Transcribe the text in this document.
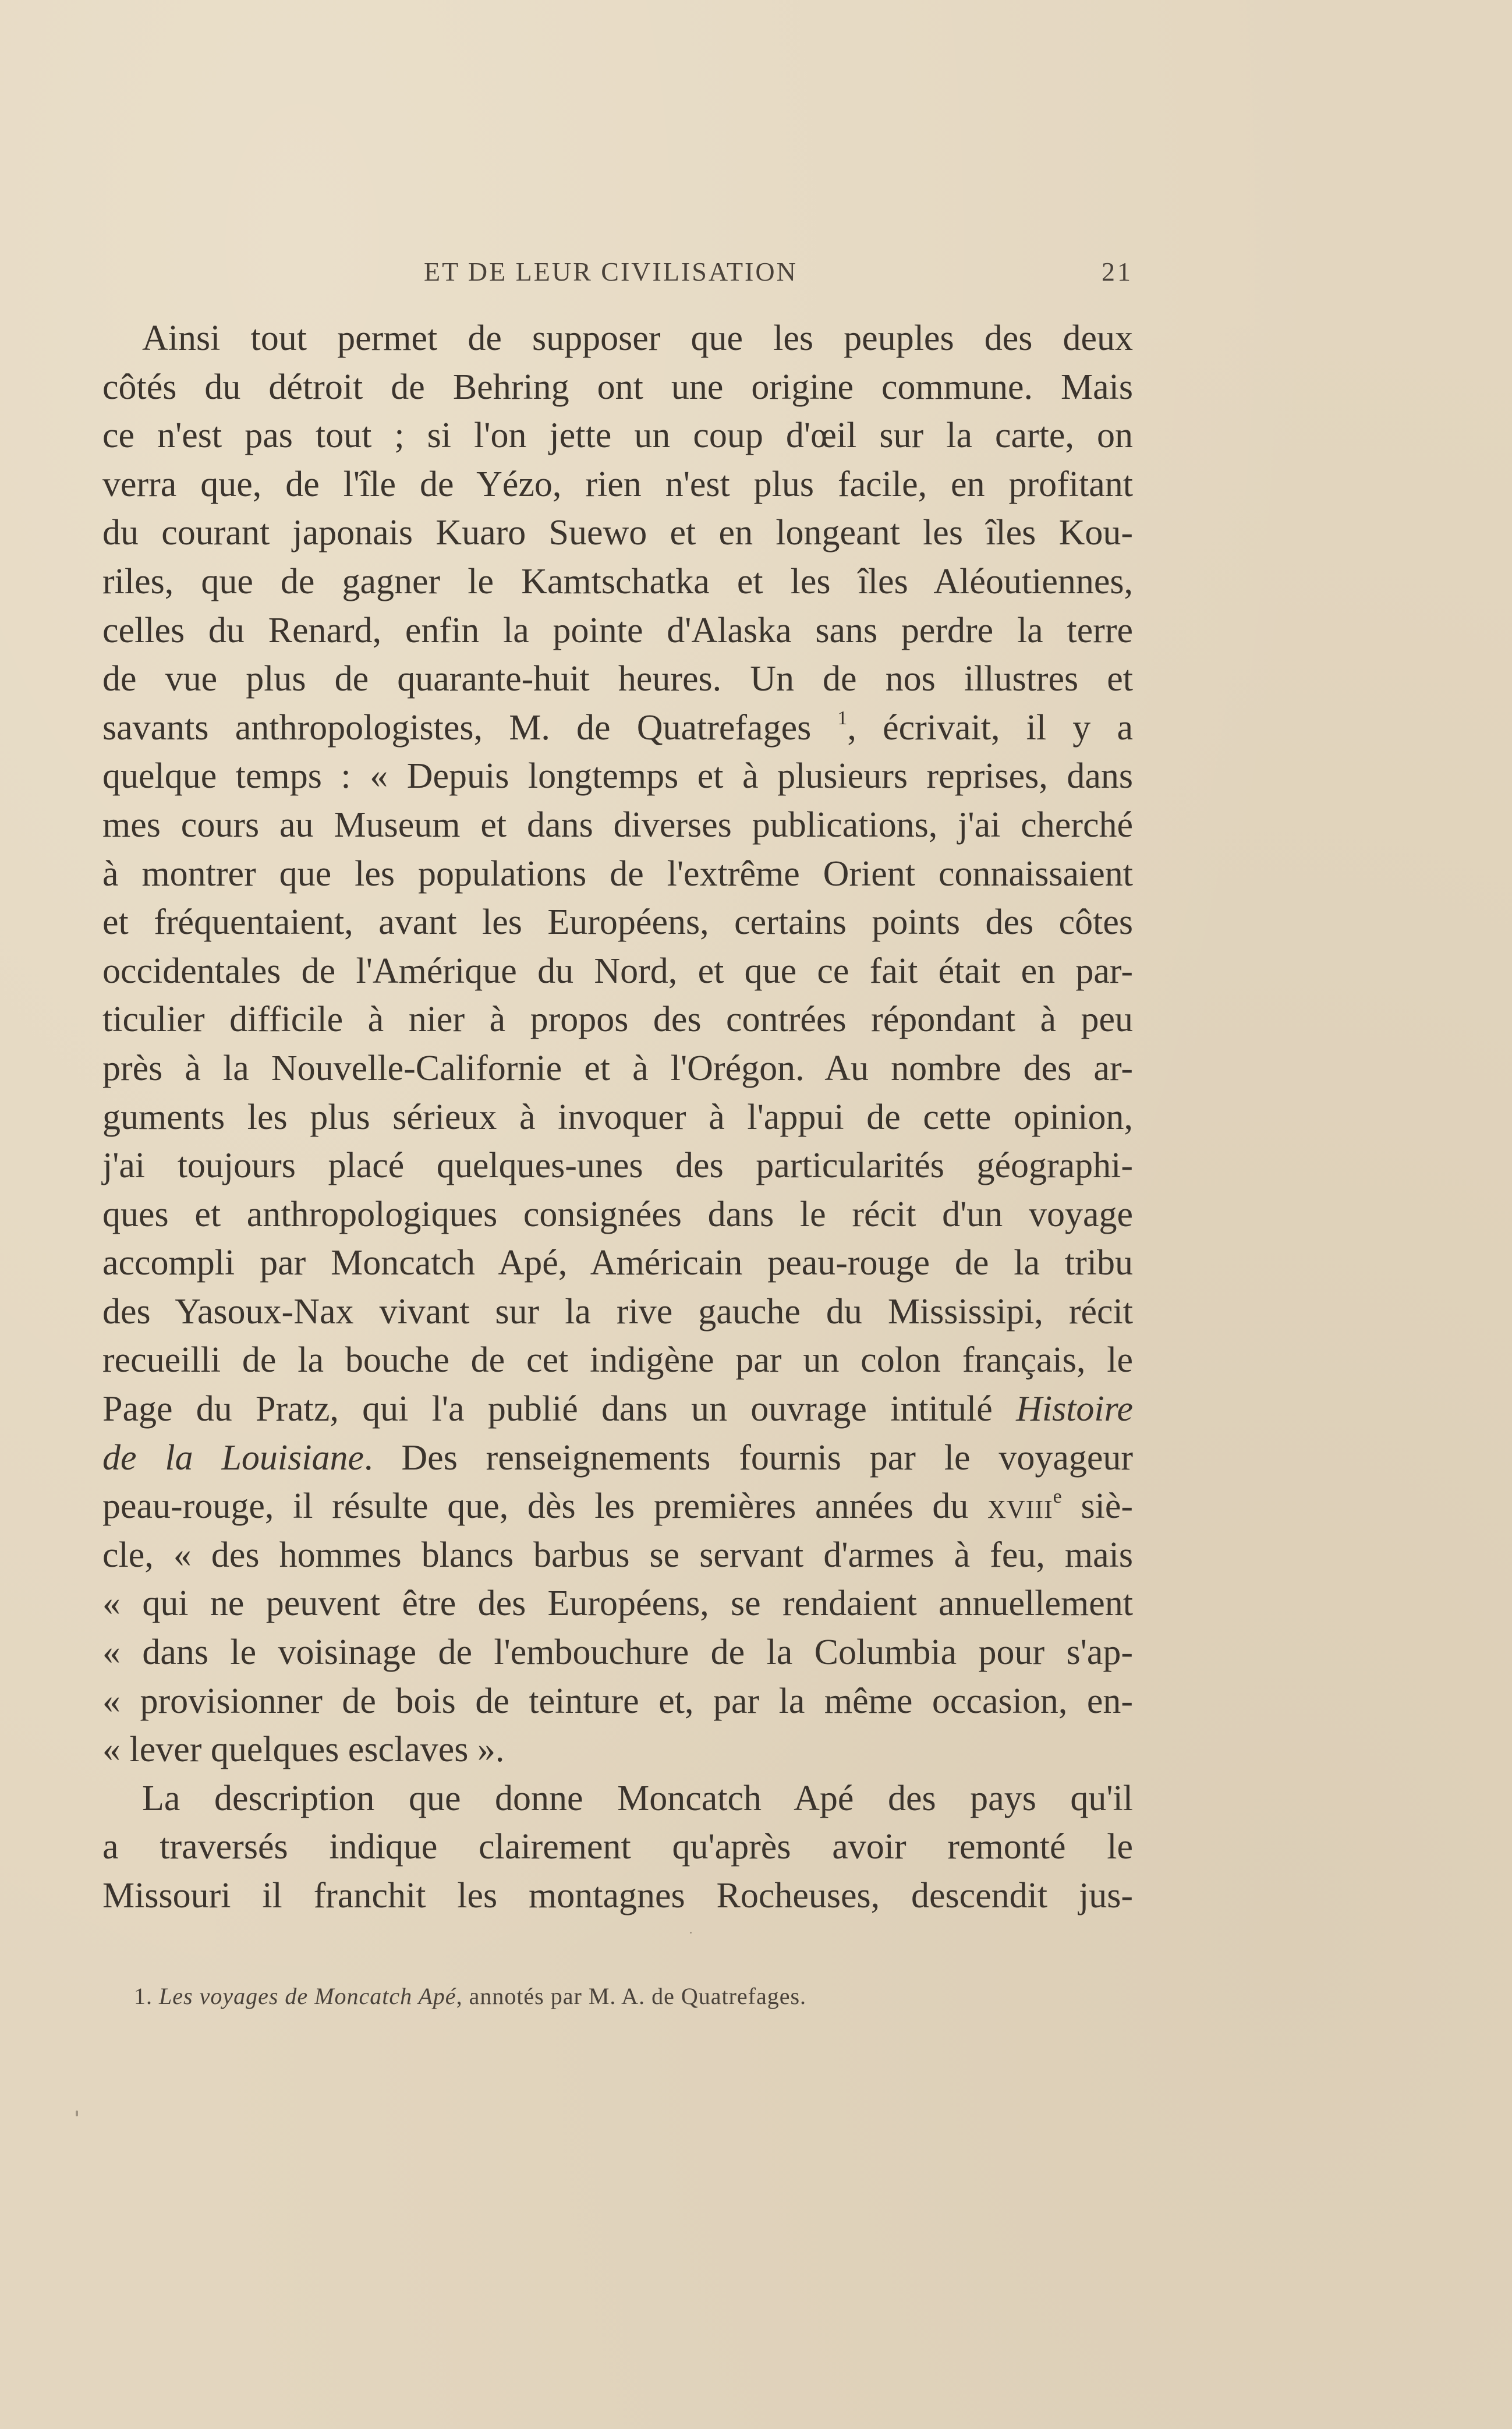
ET DE LEUR CIVILISATION	21
Ainsi tout permet de supposer que les peuples des deux
côtés du détroit de Behring ont une origine commune. Mais
ce n'est pas tout ; si l'on jette un coup d'œil sur la carte, on
verra que, de l'île de Yézo, rien n'est plus facile, en profitant
du courant japonais Kuaro Suewo et en longeant les îles Kou-
riles, que de gagner le Kamtschatka et les îles Aléoutiennes,
celles du Renard, enfin la pointe d'Alaska sans perdre la terre
de vue plus de quarante-huit heures. Un de nos illustres et
savants anthropologistes, M. de Quatrefages $^1$, écrivait, il y a
quelque temps : « Depuis longtemps et à plusieurs reprises, dans
mes cours au Museum et dans diverses publications, j'ai cherché
à montrer que les populations de l'extrême Orient connaissaient
et fréquentaient, avant les Européens, certains points des côtes
occidentales de l'Amérique du Nord, et que ce fait était en par-
ticulier difficile à nier à propos des contrées répondant à peu
près à la Nouvelle-Californie et à l'Orégon. Au nombre des ar-
guments les plus sérieux à invoquer à l'appui de cette opinion,
j'ai toujours placé quelques-unes des particularités géographi-
ques et anthropologiques consignées dans le récit d'un voyage
accompli par Moncatch Apé, Américain peau-rouge de la tribu
des Yasoux-Nax vivant sur la rive gauche du Mississipi, récit
recueilli de la bouche de cet indigène par un colon français, le
Page du Pratz, qui l'a publié dans un ouvrage intitulé Histoire
de la Louisiane. Des renseignements fournis par le voyageur
peau-rouge, il résulte que, dès les premières années du XVIIIe siè-
cle, « des hommes blancs barbus se servant d'armes à feu, mais
« qui ne peuvent être des Européens, se rendaient annuellement
« dans le voisinage de l'embouchure de la Columbia pour s'ap-
« provisionner de bois de teinture et, par la même occasion, en-
« lever quelques esclaves ».
La description que donne Moncatch Apé des pays qu'il
a traversés indique clairement qu'après avoir remonté le
Missouri il franchit les montagnes Rocheuses, descendit jus-
1. Les voyages de Moncatch Apé, annotés par M. A. de Quatrefages.
